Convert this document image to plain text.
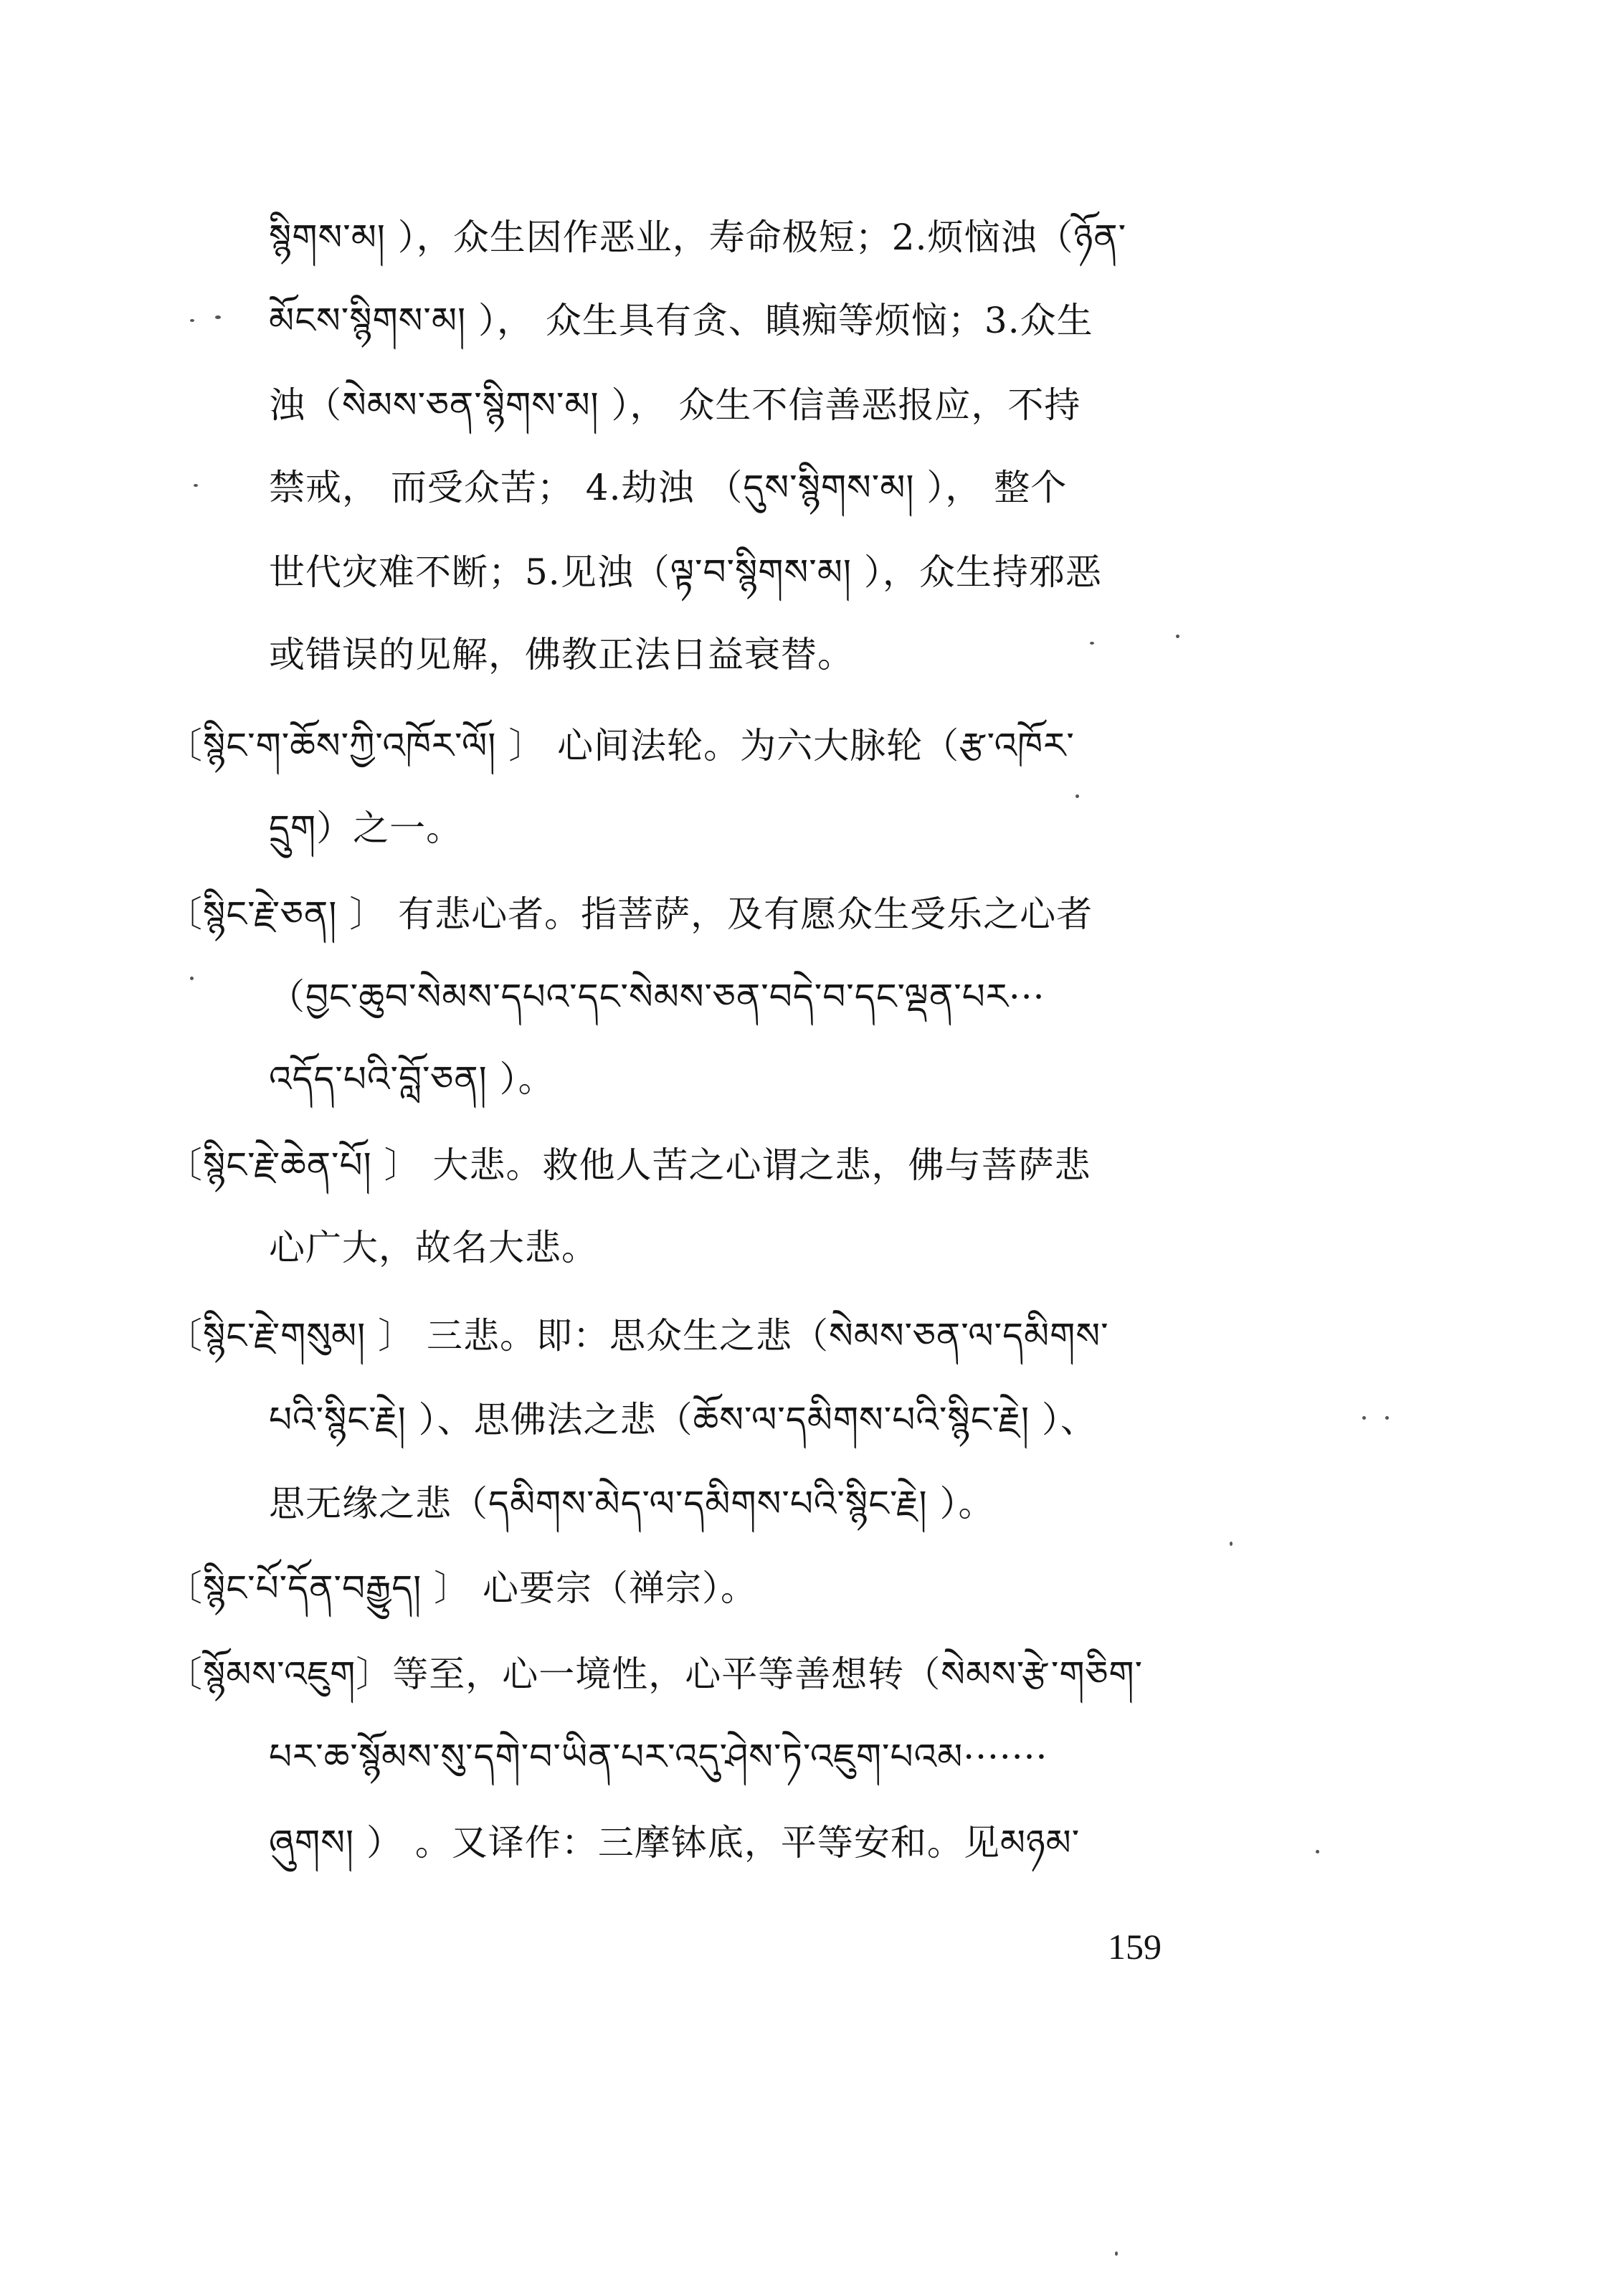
སྙིགས་མ། ），众生因作恶业，寿命极短；2.烦恼浊（ཉོན་
མོངས་སྙིགས་མ། ）， 众生具有贪、瞋痴等烦恼；3.众生
浊（སེམས་ཅན་སྙིགས་མ། ）， 众生不信善恶报应，不持
禁戒， 而受众苦； 4.劫浊 （དུས་སྙིགས་མ། ）， 整个
世代灾难不断；5.见浊（ལྟ་བ་སྙིགས་མ། ），众生持邪恶
或错误的见解，佛教正法日益衰替。
〔སྙིང་ག་ཆོས་ཀྱི་འཁོར་ལོ། 〕 心间法轮。为六大脉轮（རྩ་འཁོར་
དྲུག）之一。
〔སྙིང་རྗེ་ཅན། 〕 有悲心者。指菩萨，及有愿众生受乐之心者
（བྱང་ཆུབ་སེམས་དཔའ་དང་སེམས་ཅན་བདེ་བ་དང་ལྡན་པར···
འདོད་པའི་བློ་ཅན། ）。
〔སྙིང་རྗེ་ཆེན་པོ། 〕 大悲。救他人苦之心谓之悲，佛与菩萨悲
心广大，故名大悲。
〔སྙིང་རྗེ་གསུམ། 〕 三悲。即：思众生之悲（སེམས་ཅན་ལ་དམིགས་
པའི་སྙིང་རྗེ། ）、思佛法之悲（ཆོས་ལ་དམིགས་པའི་སྙིང་རྗེ། ）、
思无缘之悲（དམིགས་མེད་ལ་དམིགས་པའི་སྙིང་རྗེ། ）。
〔སྙིང་པོ་དོན་བརྒྱུད། 〕 心要宗（禅宗）。
〔སྙོམས་འཇུག〕等至，心一境性，心平等善想转（སེམས་རྩེ་གཅིག་
པར་ཆ་སྙོམས་སུ་དགེ་བ་ཡིན་པར་འདུ་ཤེས་ཏེ་འཇུག་པའམ·······
ཞུགས། ） 。又译作：三摩钵底，平等安和。见མཉམ་
159
